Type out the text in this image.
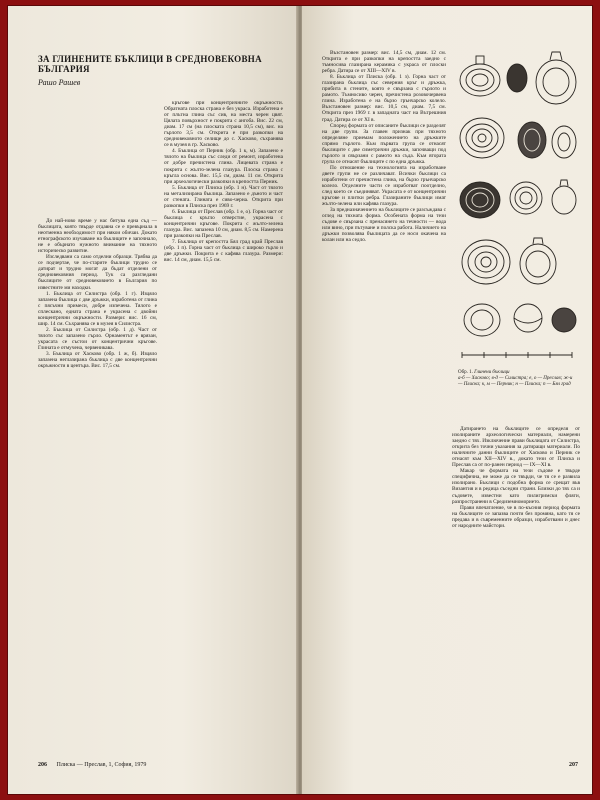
ЗА ГЛИНЕНИТЕ БЪКЛИЦИ В СРЕДНОВЕКОВНА БЪЛГАРИЯ
Рашо Рашев

До най-ново време у нас битува една съд — бъклицата, която твърде отдавна се е превърнала в неотменна необходимост при някои обичаи. Докато етнографското изучаване на бъклиците е започнало, не е обърнато нужното внимание на тяхното историческо развитие.

Изследвани са само отделни образци. Трябва да се подчертае, че по-старите бъклици трудно се датират и трудно могат да бъдат отделени от средновековния период. Тук са разгледани бъклиците от средновековието в България по известните ми находки.

1. Бъклица от Силистра (обр. 1 г). Изцяло запазена бъклица с две дръжки, изработена от глина с пясъчни примеси, добре изпечена. Тялото е сплескано, едната страна е украсена с двойни концентрични окръжности. Размери: вис. 16 см, шир. 14 см. Съхранява се в музея в Силистра.

2. Бъклица от Силистра (обр. 1 д). Част от тялото със запазено гърло. Орнаментът е врязан, украсата се състои от концентрични кръгове. Глината е отмучена, червеникава.

3. Бъклица от Хасково (обр. 1 ж, б). Изцяло запазена неглазирана бъклица с две концентрични окръжности в центъра. Вис. 17,5 см.

кръгове при концентричните окръжности. Обратната плоска страна е без украса. Изработена е от плътна глина със сив, на места черен цвят. Цялата повърхност е покрита с ангоба. Вис. 22 см, диам. 17 см (на плоската страна 10,5 см), вис. на гърлото 3,5 см. Открита е при разкопки на средновековното селище до с. Хасково, съхранява се в музея в гр. Хасково.

4. Бъклица от Перник (обр. 1 к, м). Запазено е тялото на бъклица със следи от ремонт, изработена от добре пречистена глина. Лицевата страна е покрита с жълто-зелена глазура. Плоска страна с кръгла основа. Вис. 15,5 см, диам. 11 см. Открита при археологически разкопки в крепостта Перник.

5. Бъклица от Плиска (обр. 1 н). Част от тялото на метализирана бъклица. Запазено е дъното и част от стената. Глината е сиво-черна. Открита при разкопки в Плиска през 1969 г.

6. Бъклица от Преслав (обр. 1 е, о). Горна част от бъклица с кръгло отверстие, украсена с концентрични кръгове. Покрита с жълто-зелена глазура. Вис. запазена 10 см, диам. 8,5 см. Намерена при разкопки на Преслав.

7. Бъклица от крепостта Бял град край Преслав (обр. 1 п). Горна част от бъклица с широко гърло и две дръжки. Покрита е с кафява глазура. Размери: вис. 14 см, диам. 15,5 см.

206 Плиска — Преслав, 1, София, 1979

Възстановен размер: вис. 14,5 см, диам. 12 см. Открита е при разкопки на крепостта заедно с тъмносива глазирана керамика с украса от плоски ребра. Датира се от XIII—XIV в.

8. Бъклица от Плиска (обр. 1 з). Горна част от глазирана бъклица със северния кръг и дръжка, прибита в стените, която е свързана с гърлото и рамото. Тъмносиво черен, пречистена розовочервена глина. Изработена е на бързо грънчарско колело. Възстановен размер: вис. 10,5 см, диам. 7,5 см. Открита през 1969 г. в западната част на Вътрешния град. Датира се от XI в.

Според формата от описаните бъклици се разделят на две групи. За главен признак при тяхното определяне приемам положението на дръжките спрямо гърлото. Към първата група се отнасят бъклиците с две симетрични дръжки, започващи под гърлото и свързани с рамото на съда. Към втората група се отнасят бъклиците с по една дръжка.

По отношение на технологията на изработване двете групи не се различават. Всички бъклици са изработени от пречистена глина, на бързо грънчарско колело. Отделните части се изработват поотделно, след което се съединяват. Украсата е от концентрични кръгове и плитки ребра. Глазираните бъклици имат жълто-зелена или кафява глазура.

За предназначението на бъклиците се разсъждава с оглед на тяхната форма. Особената форма на тези съдове е свързана с пренасянето на течности — вода или вино, при пътуване и полска работа. Наличието на дръжки позволява бъклицата да се носи окачена на колан или на седло.

Обр. 1. Глинени бъклици
а-б — Хасково; в-д — Силистра; е, о — Преслав; ж-и — Плиска; к, м — Перник; н — Плиска; п — Бял град

Датирането на бъклиците се определя от изолираните археологически материали, намерени заедно с тях. Изключение прави бъклицата от Силистра, открита без точни указания за датиращи материали. По наличните данни бъклиците от Хасково и Перник се отнасят към XII—XIV в., докато тези от Плиска и Преслав са от по-ранен период — IX—XI в.

Макар че формата на тези съдове е твърде специфична, не може да се твърди, че тя се е развила изолирано. Бъклици с подобна форма се срещат във Византия и в редица съседни страни. Близки до тях са и съдовете, известни като пилигримски фляги, разпространени в Средиземноморието.

Прави впечатление, че в по-късния период формата на бъклиците се запазва почти без промяна, като тя се предава и в съвременните образци, изработвани и днес от народните майстори.

207
